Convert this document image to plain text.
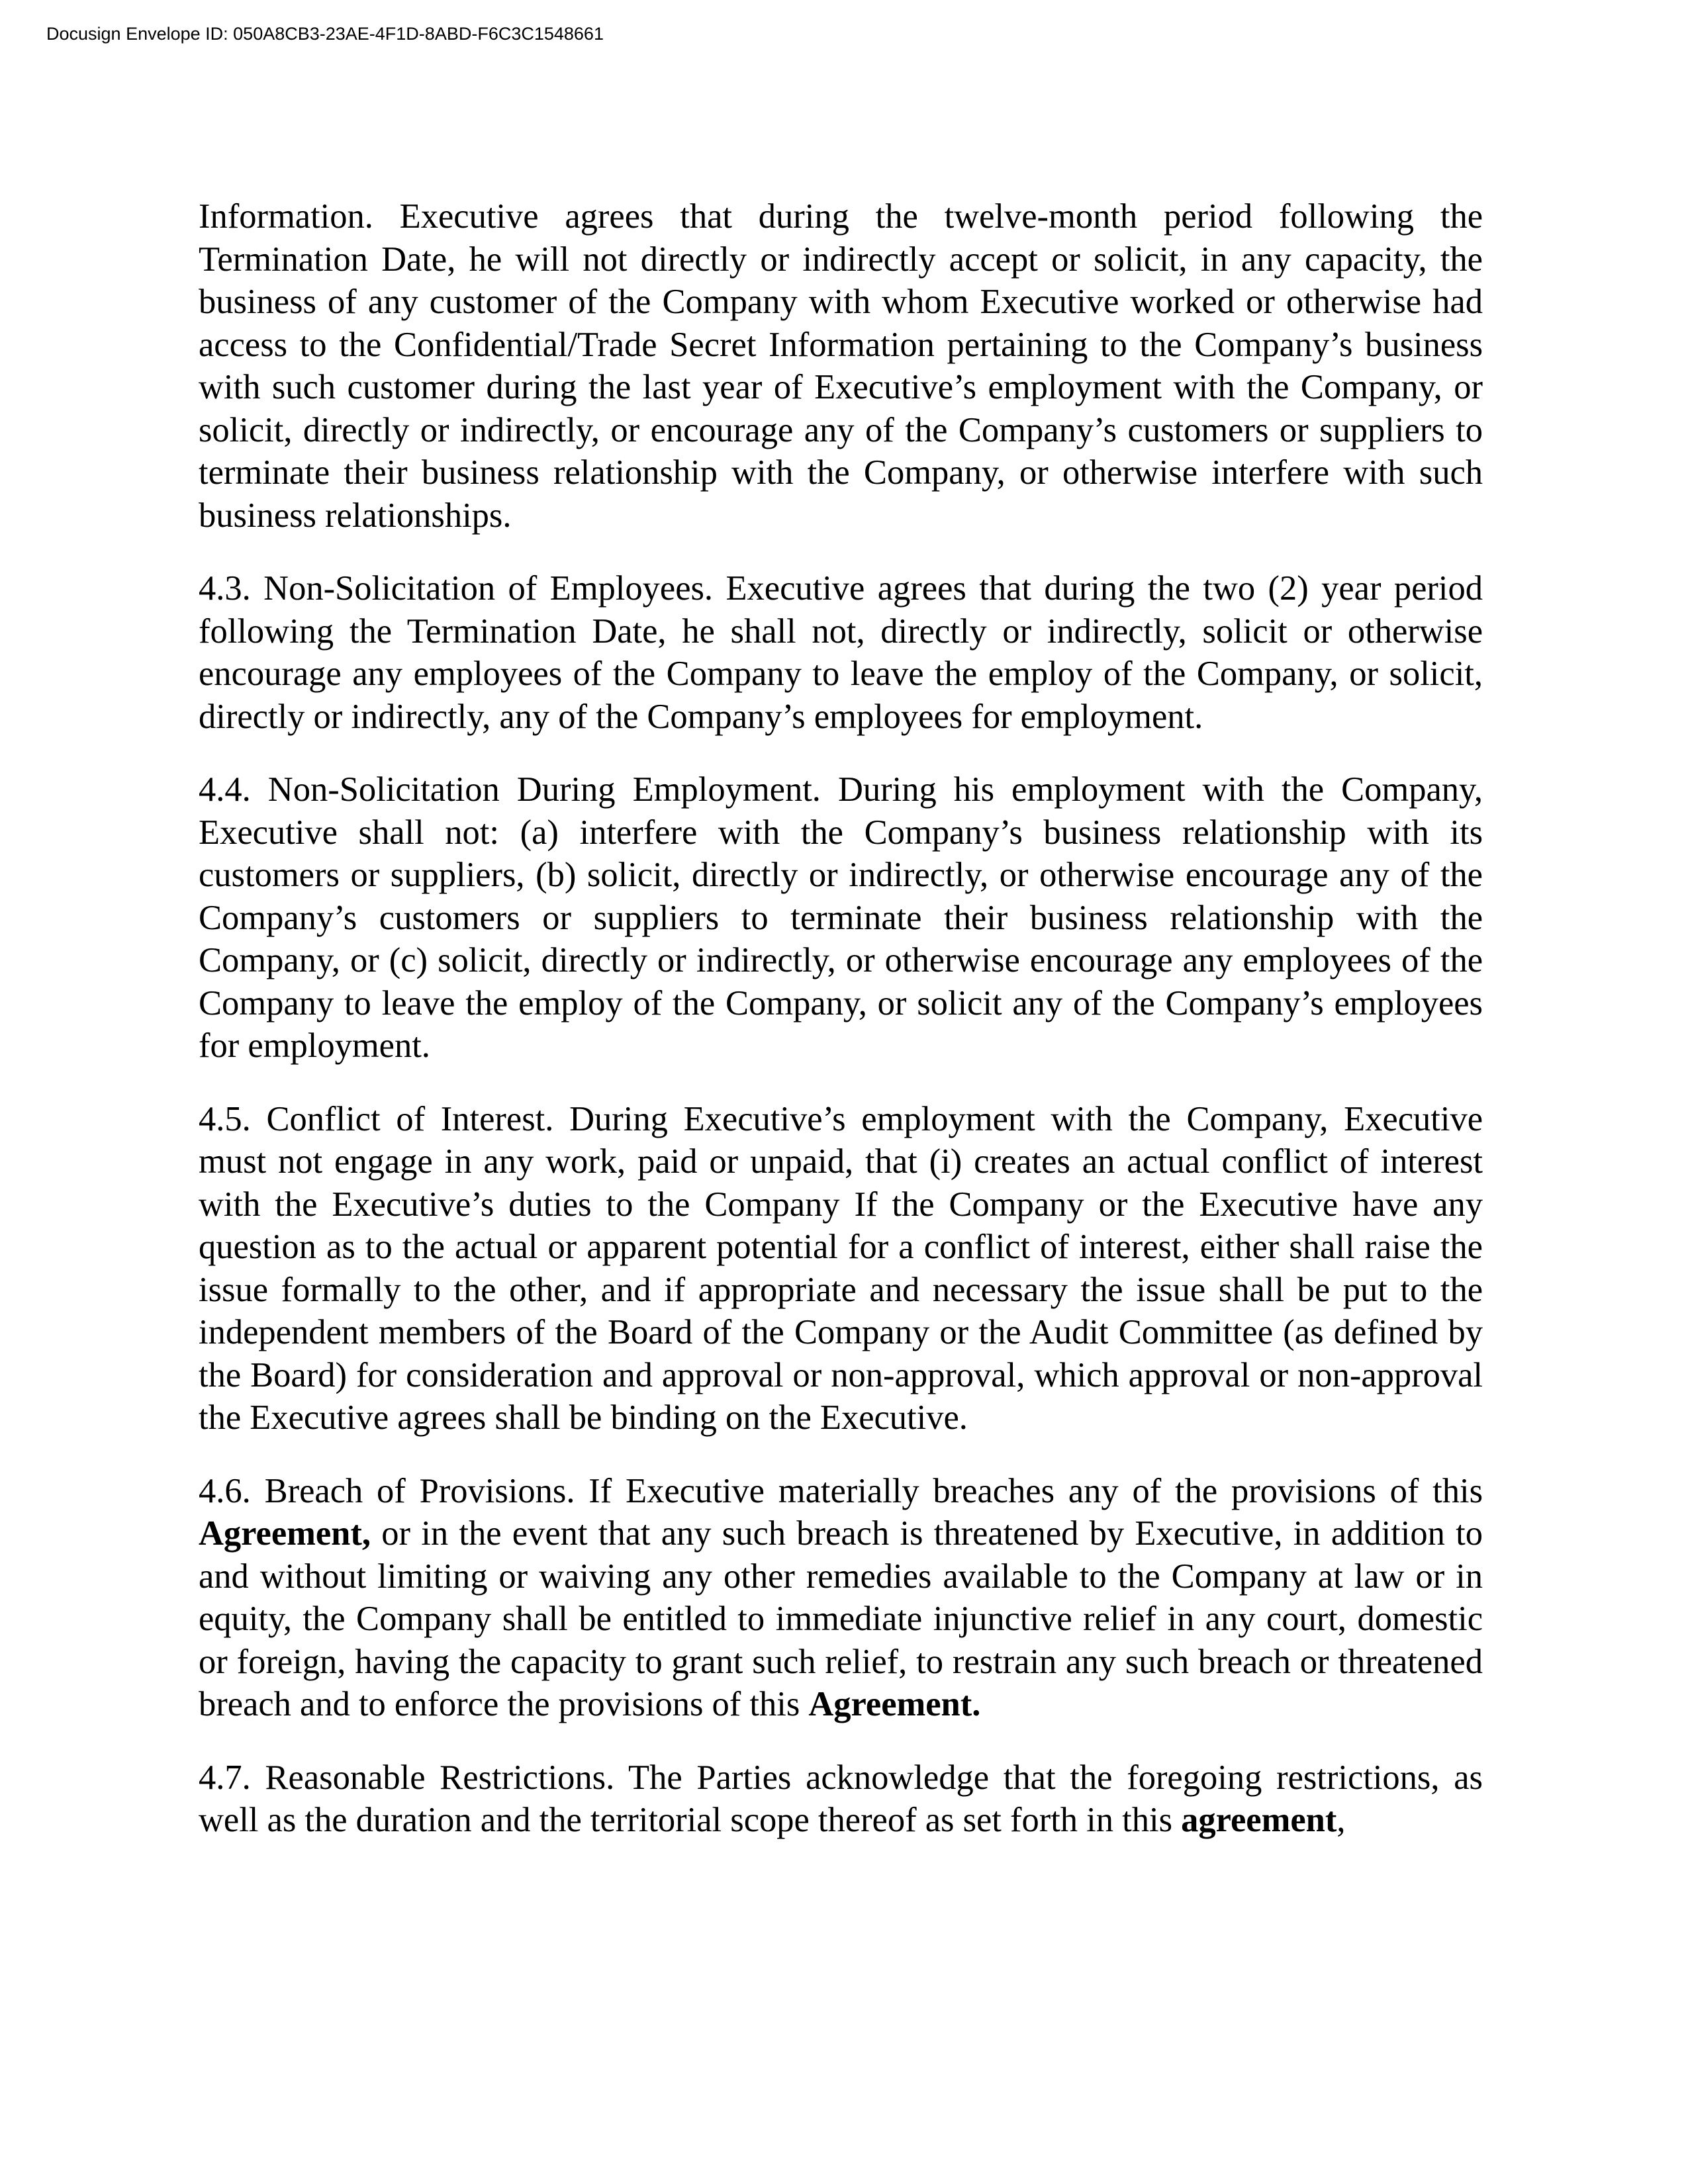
Docusign Envelope ID: 050A8CB3-23AE-4F1D-8ABD-F6C3C1548661

Information. Executive agrees that during the twelve-month period following the Termination Date, he will not directly or indirectly accept or solicit, in any capacity, the business of any customer of the Company with whom Executive worked or otherwise had access to the Confidential/Trade Secret Information pertaining to the Company’s business with such customer during the last year of Executive’s employment with the Company, or solicit, directly or indirectly, or encourage any of the Company’s customers or suppliers to terminate their business relationship with the Company, or otherwise interfere with such business relationships.

4.3. Non-Solicitation of Employees. Executive agrees that during the two (2) year period following the Termination Date, he shall not, directly or indirectly, solicit or otherwise encourage any employees of the Company to leave the employ of the Company, or solicit, directly or indirectly, any of the Company’s employees for employment.

4.4. Non-Solicitation During Employment. During his employment with the Company, Executive shall not: (a) interfere with the Company’s business relationship with its customers or suppliers, (b) solicit, directly or indirectly, or otherwise encourage any of the Company’s customers or suppliers to terminate their business relationship with the Company, or (c) solicit, directly or indirectly, or otherwise encourage any employees of the Company to leave the employ of the Company, or solicit any of the Company’s employees for employment.

4.5. Conflict of Interest. During Executive’s employment with the Company, Executive must not engage in any work, paid or unpaid, that (i) creates an actual conflict of interest with the Executive’s duties to the Company If the Company or the Executive have any question as to the actual or apparent potential for a conflict of interest, either shall raise the issue formally to the other, and if appropriate and necessary the issue shall be put to the independent members of the Board of the Company or the Audit Committee (as defined by the Board) for consideration and approval or non-approval, which approval or non-approval the Executive agrees shall be binding on the Executive.

4.6. Breach of Provisions. If Executive materially breaches any of the provisions of this Agreement, or in the event that any such breach is threatened by Executive, in addition to and without limiting or waiving any other remedies available to the Company at law or in equity, the Company shall be entitled to immediate injunctive relief in any court, domestic or foreign, having the capacity to grant such relief, to restrain any such breach or threatened breach and to enforce the provisions of this Agreement.

4.7. Reasonable Restrictions. The Parties acknowledge that the foregoing restrictions, as well as the duration and the territorial scope thereof as set forth in this agreement,
